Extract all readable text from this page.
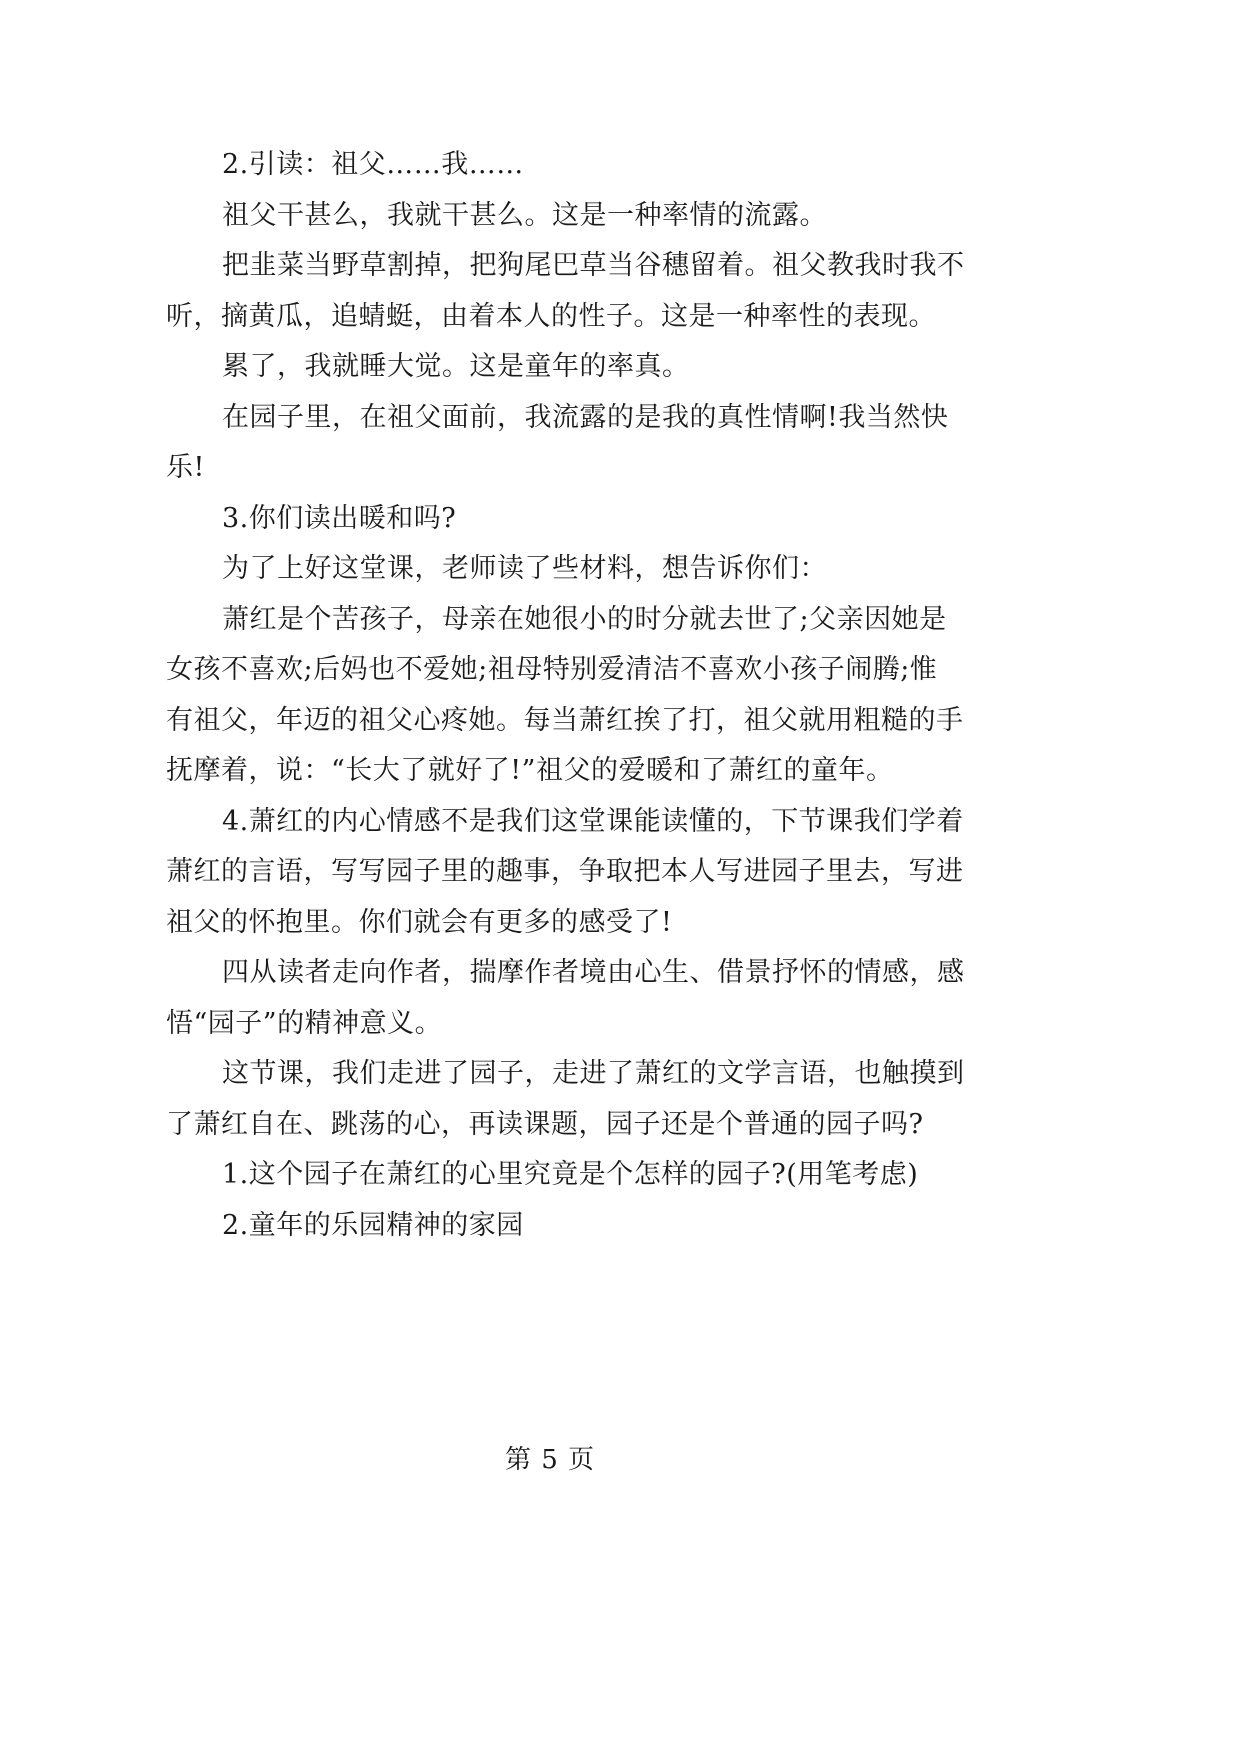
2.引读：祖父……我……
祖父干甚么，我就干甚么。这是一种率情的流露。
把韭菜当野草割掉，把狗尾巴草当谷穗留着。祖父教我时我不
听，摘黄瓜，追蜻蜓，由着本人的性子。这是一种率性的表现。
累了，我就睡大觉。这是童年的率真。
在园子里，在祖父面前，我流露的是我的真性情啊!我当然快
乐!
3.你们读出暖和吗?
为了上好这堂课，老师读了些材料，想告诉你们：
萧红是个苦孩子，母亲在她很小的时分就去世了;父亲因她是
女孩不喜欢;后妈也不爱她;祖母特别爱清洁不喜欢小孩子闹腾;惟
有祖父，年迈的祖父心疼她。每当萧红挨了打，祖父就用粗糙的手
抚摩着，说：“长大了就好了!”祖父的爱暖和了萧红的童年。
4.萧红的内心情感不是我们这堂课能读懂的，下节课我们学着
萧红的言语，写写园子里的趣事，争取把本人写进园子里去，写进
祖父的怀抱里。你们就会有更多的感受了!
四从读者走向作者，揣摩作者境由心生、借景抒怀的情感，感
悟“园子”的精神意义。
这节课，我们走进了园子，走进了萧红的文学言语，也触摸到
了萧红自在、跳荡的心，再读课题，园子还是个普通的园子吗?
1.这个园子在萧红的心里究竟是个怎样的园子?(用笔考虑)
2.童年的乐园精神的家园
第 5 页
